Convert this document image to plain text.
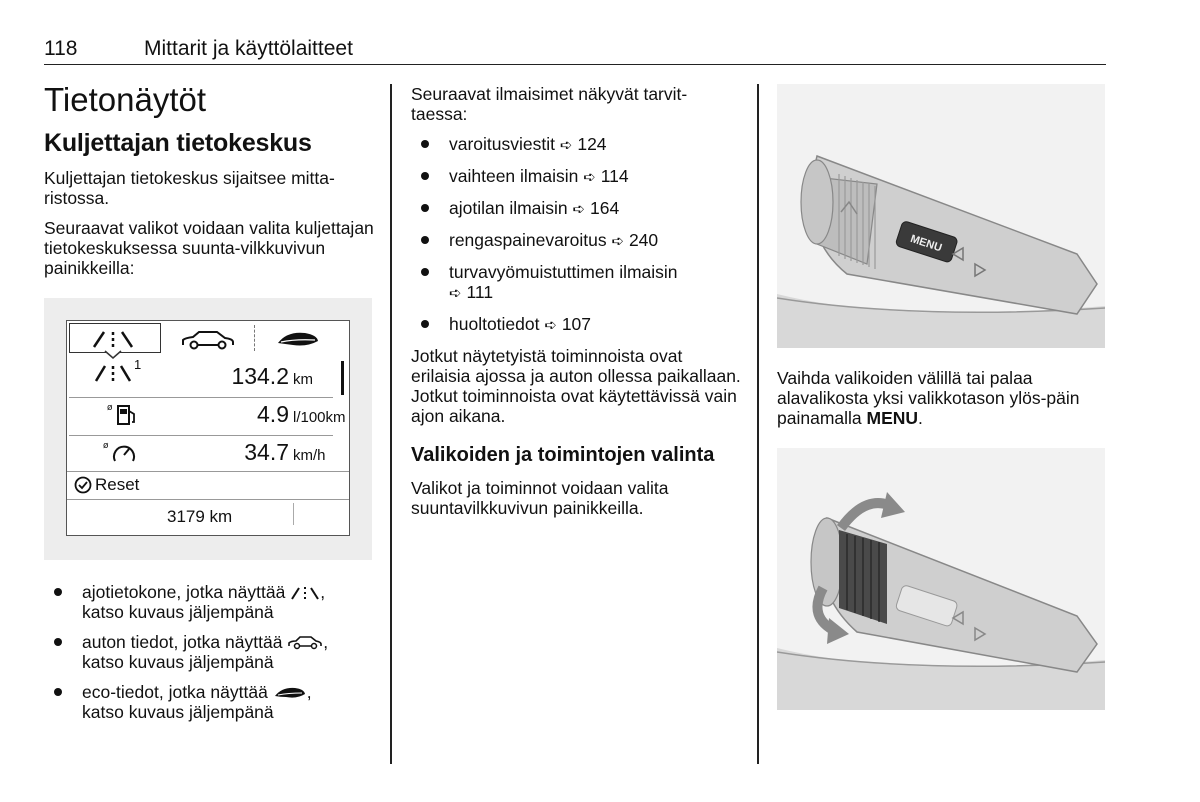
118	Mittarit ja käyttölaitteet
Tietonäytöt
Kuljettajan tietokeskus

Kuljettajan tietokeskus sijaitsee mitta-ristossa.

Seuraavat valikot voidaan valita kuljettajan tietokeskuksessa suunta-vilkkuvivun painikkeilla:

1	134.2 km
ø	4.9 l/100km
ø	34.7 km/h
Reset
3179 km
ajotietokone, jotka näyttää ,
katso kuvaus jäljempänä
auton tiedot, jotka näyttää ,
katso kuvaus jäljempänä
eco-tiedot, jotka näyttää ,
katso kuvaus jäljempänä

Seuraavat ilmaisimet näkyvät tarvit-taessa:

varoitusviestit ➪ 124
vaihteen ilmaisin ➪ 114
ajotilan ilmaisin ➪ 164
rengaspainevaroitus ➪ 240
turvavyömuistuttimen ilmaisin
➪ 111
huoltotiedot ➪ 107

Jotkut näytetyistä toiminnoista ovat erilaisia ajossa ja auton ollessa paikallaan. Jotkut toiminnoista ovat käytettävissä vain ajon aikana.

Valikoiden ja toimintojen valinta

Valikot ja toiminnot voidaan valita suuntavilkkuvivun painikkeilla.

MENU

Vaihda valikoiden välillä tai palaa alavalikosta yksi valikkotason ylös-päin painamalla MENU.
